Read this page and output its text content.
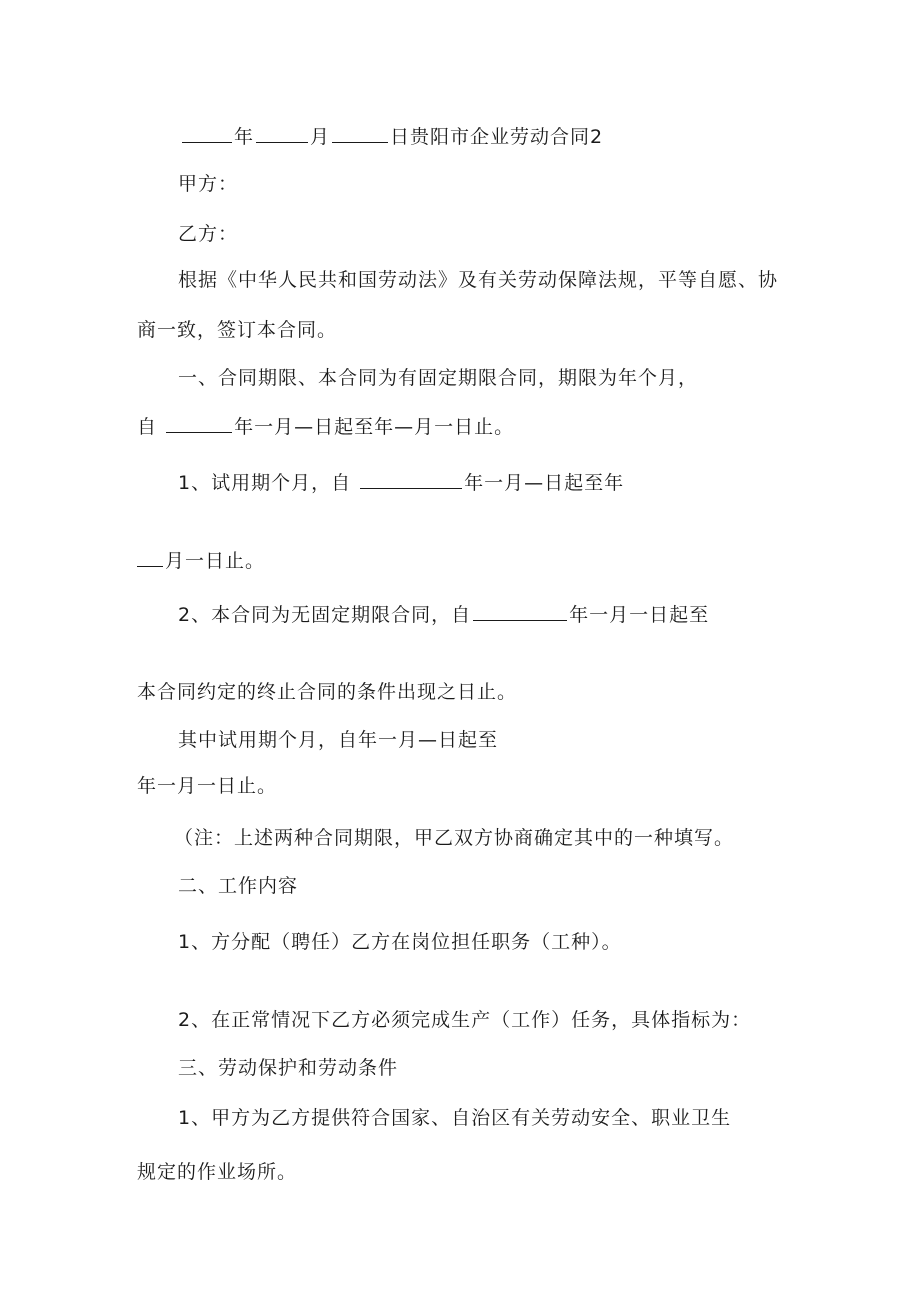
年	月	日贵阳市企业劳动合同2
甲方：
乙方：
根据《中华人民共和国劳动法》及有关劳动保障法规，平等自愿、协
商一致，签订本合同。
一、合同期限、本合同为有固定期限合同，期限为年个月，
自	年一月—日起至年—月一日止。
1、试用期个月，自	年一月—日起至年
月一日止。
2、本合同为无固定期限合同，自	年一月一日起至
本合同约定的终止合同的条件出现之日止。
其中试用期个月，自年一月—日起至
年一月一日止。
（注：上述两种合同期限，甲乙双方协商确定其中的一种填写。
二、工作内容
1、方分配（聘任）乙方在岗位担任职务（工种）。
2、在正常情况下乙方必须完成生产（工作）任务，具体指标为：
三、劳动保护和劳动条件
1、甲方为乙方提供符合国家、自治区有关劳动安全、职业卫生
规定的作业场所。
